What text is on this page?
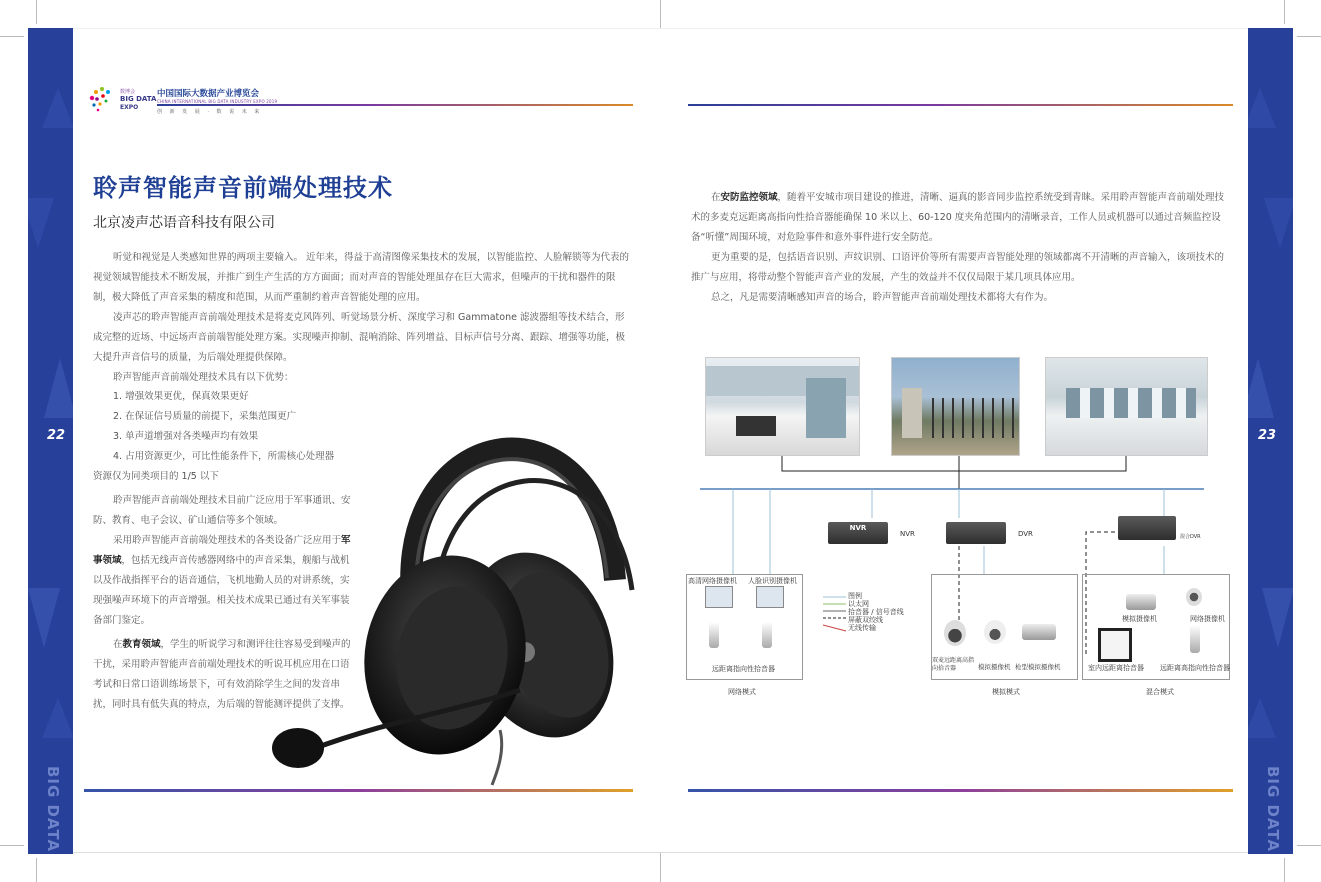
22
BIG DATA
23
BIG DATA
数博会
BIG DATA
EXPO
中国国际大数据产业博览会
CHINA INTERNATIONAL BIG DATA INDUSTRY EXPO 2019
创 新 发 展 · 数 说 未 来
聆声智能声音前端处理技术
北京凌声芯语音科技有限公司

听觉和视觉是人类感知世界的两项主要输入。 近年来，得益于高清图像采集技术的发展，以智能监控、人脸解锁等为代表的视觉领域智能技术不断发展，并推广到生产生活的方方面面；而对声音的智能处理虽存在巨大需求，但噪声的干扰和器件的限制，极大降低了声音采集的精度和范围，从而严重制约着声音智能处理的应用。

凌声芯的聆声智能声音前端处理技术是将麦克风阵列、听觉场景分析、深度学习和 Gammatone 滤波器组等技术结合，形成完整的近场、中远场声音前端智能处理方案。实现噪声抑制、混响消除、阵列增益、目标声信号分离、跟踪、增强等功能，极大提升声音信号的质量，为后端处理提供保障。

聆声智能声音前端处理技术具有以下优势：

1. 增强效果更优，保真效果更好

2. 在保证信号质量的前提下，采集范围更广

3. 单声道增强对各类噪声均有效果

4. 占用资源更少，可比性能条件下，所需核心处理器

资源仅为同类项目的 1/5 以下

聆声智能声音前端处理技术目前广泛应用于军事通讯、安防、教育、电子会议、矿山通信等多个领域。

采用聆声智能声音前端处理技术的各类设备广泛应用于军事领域，包括无线声音传感器网络中的声音采集，舰船与战机以及作战指挥平台的语音通信，飞机地勤人员的对讲系统，实现强噪声环境下的声音增强。相关技术成果已通过有关军事装备部门鉴定。

在教育领域，学生的听说学习和测评往往容易受到噪声的干扰，采用聆声智能声音前端处理技术的听说耳机应用在口语考试和日常口语训练场景下，可有效消除学生之间的发音串扰，同时具有低失真的特点，为后端的智能测评提供了支撑。

在安防监控领域，随着平安城市项目建设的推进，清晰、逼真的影音同步监控系统受到青睐。采用聆声智能声音前端处理技术的多麦克远距离高指向性拾音器能确保 10 米以上、60-120 度夹角范围内的清晰录音，工作人员或机器可以通过音频监控设备“听懂”周围环境，对危险事件和意外事件进行安全防范。

更为重要的是，包括语音识别、声纹识别、口语评价等所有需要声音智能处理的领域都离不开清晰的声音输入，该项技术的推广与应用，将带动整个智能声音产业的发展，产生的效益并不仅仅局限于某几项具体应用。

总之，凡是需要清晰感知声音的场合，聆声智能声音前端处理技术都将大有作为。

NVR
NVR	DVR	混合DVR
高清网络摄像机 人脸识别摄像机
远距离指向性拾音器
图例
以太网
拾音器 / 信号音线
屏蔽双绞线
无线传输
双麦远距离高指向拾音器	模拟摄像机 枪型模拟摄像机
模拟摄像机	网络摄像机
室内远距离拾音器 远距离高指向性拾音器
网络模式	模拟模式	混合模式
